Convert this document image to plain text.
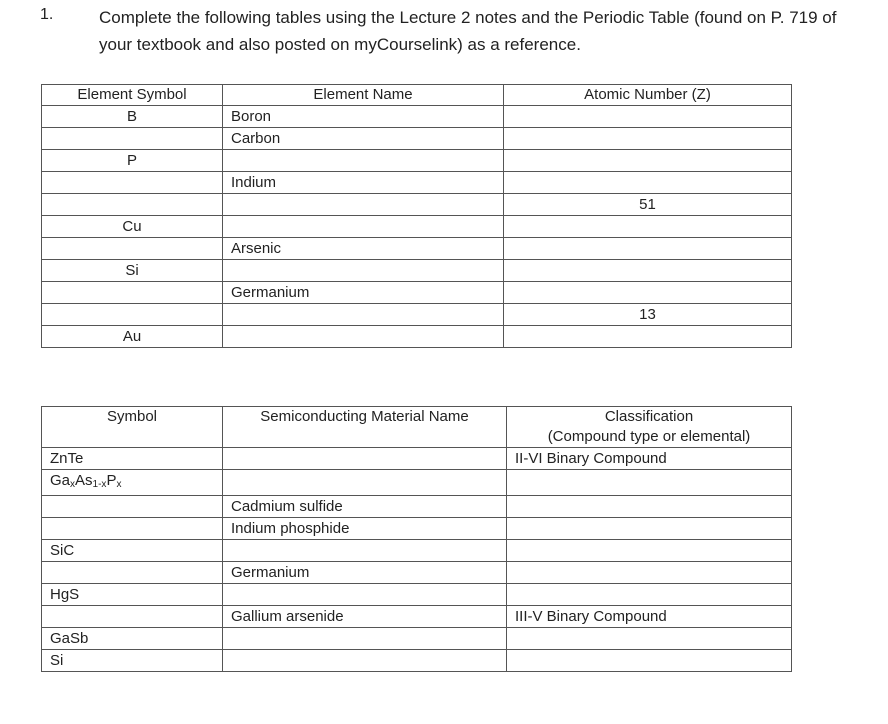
1.	Complete the following tables using the Lecture 2 notes and the Periodic Table (found on P. 719 of your textbook and also posted on myCourselink) as a reference.

Element Symbol	Element Name	Atomic Number (Z)
B	Boron	
	Carbon	
P		
	Indium	
		51
Cu		
	Arsenic	
Si		
	Germanium	
		13
Au		
Symbol	Semiconducting Material Name	Classification
(Compound type or elemental)

ZnTe		II-VI Binary Compound
$Ga_xAs_{1-x}P_x$		
	Cadmium sulfide	
	Indium phosphide	
SiC		
	Germanium	
HgS		
	Gallium arsenide	III-V Binary Compound
GaSb		
Si		
